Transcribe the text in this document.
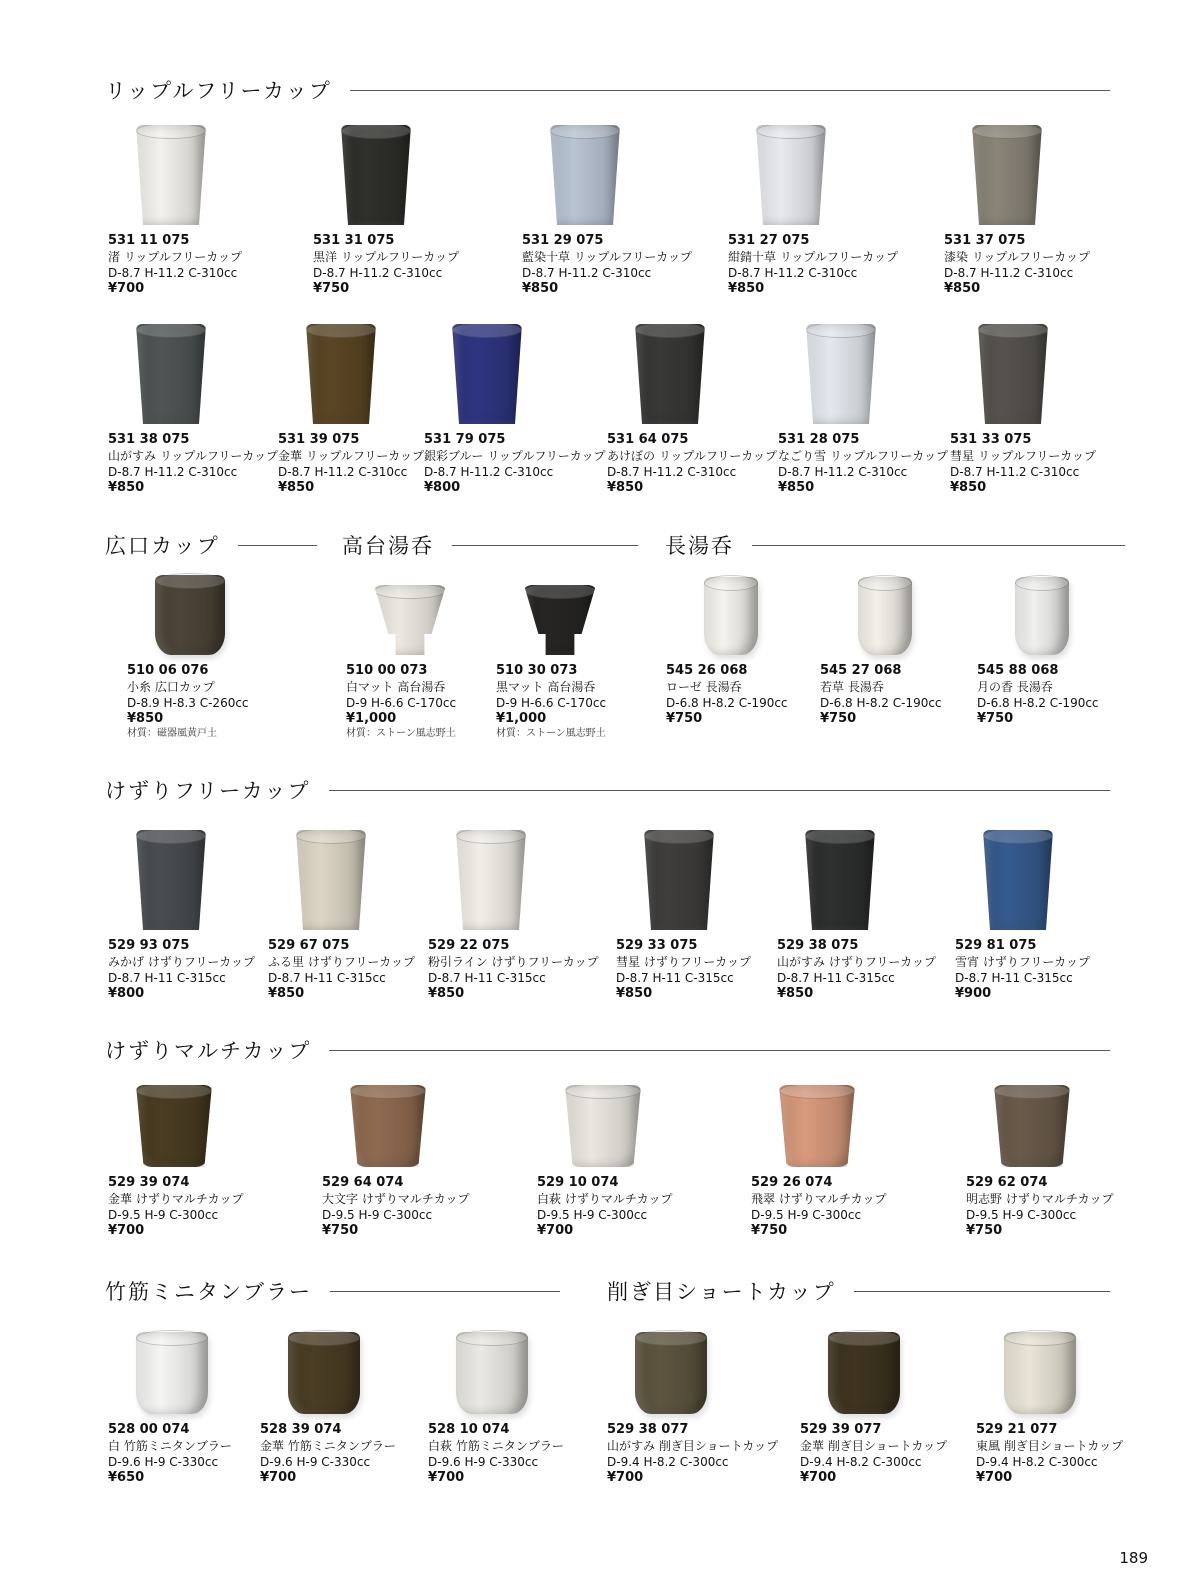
リップルフリーカップ
広口カップ	高台湯呑	長湯呑
けずりフリーカップ
けずりマルチカップ
竹筋ミニタンブラー	削ぎ目ショートカップ
531 11 075
渚 リップルフリーカップ
D-8.7 H-11.2 C-310cc
¥700
531 31 075
黒洋 リップルフリーカップ
D-8.7 H-11.2 C-310cc
¥750
531 29 075
藍染十草 リップルフリーカップ
D-8.7 H-11.2 C-310cc
¥850
531 27 075
紺錆十草 リップルフリーカップ
D-8.7 H-11.2 C-310cc
¥850
531 37 075
漆染 リップルフリーカップ
D-8.7 H-11.2 C-310cc
¥850
531 38 075
山がすみ リップルフリーカップ
D-8.7 H-11.2 C-310cc
¥850
531 39 075
金華 リップルフリーカップ
D-8.7 H-11.2 C-310cc
¥850
531 79 075
銀彩ブルー リップルフリーカップ
D-8.7 H-11.2 C-310cc
¥800
531 64 075
あけぼの リップルフリーカップ
D-8.7 H-11.2 C-310cc
¥850
531 28 075
なごり雪 リップルフリーカップ
D-8.7 H-11.2 C-310cc
¥850
531 33 075
彗星 リップルフリーカップ
D-8.7 H-11.2 C-310cc
¥850
510 06 076
小糸 広口カップ
D-8.9 H-8.3 C-260cc
¥850
材質：磁器風黄戸土
510 00 073
白マット 高台湯呑
D-9 H-6.6 C-170cc
¥1,000
材質：ストーン風志野土
510 30 073
黒マット 高台湯呑
D-9 H-6.6 C-170cc
¥1,000
材質：ストーン風志野土
545 26 068
ローゼ 長湯呑
D-6.8 H-8.2 C-190cc
¥750
545 27 068
若草 長湯呑
D-6.8 H-8.2 C-190cc
¥750
545 88 068
月の香 長湯呑
D-6.8 H-8.2 C-190cc
¥750
529 93 075
みかげ けずりフリーカップ
D-8.7 H-11 C-315cc
¥800
529 67 075
ふる里 けずりフリーカップ
D-8.7 H-11 C-315cc
¥850
529 22 075
粉引ライン けずりフリーカップ
D-8.7 H-11 C-315cc
¥850
529 33 075
彗星 けずりフリーカップ
D-8.7 H-11 C-315cc
¥850
529 38 075
山がすみ けずりフリーカップ
D-8.7 H-11 C-315cc
¥850
529 81 075
雪宵 けずりフリーカップ
D-8.7 H-11 C-315cc
¥900
529 39 074
金華 けずりマルチカップ
D-9.5 H-9 C-300cc
¥700
529 64 074
大文字 けずりマルチカップ
D-9.5 H-9 C-300cc
¥750
529 10 074
白萩 けずりマルチカップ
D-9.5 H-9 C-300cc
¥700
529 26 074
飛翠 けずりマルチカップ
D-9.5 H-9 C-300cc
¥750
529 62 074
明志野 けずりマルチカップ
D-9.5 H-9 C-300cc
¥750
528 00 074
白 竹筋ミニタンブラー
D-9.6 H-9 C-330cc
¥650
528 39 074
金華 竹筋ミニタンブラー
D-9.6 H-9 C-330cc
¥700
528 10 074
白萩 竹筋ミニタンブラー
D-9.6 H-9 C-330cc
¥700
529 38 077
山がすみ 削ぎ目ショートカップ
D-9.4 H-8.2 C-300cc
¥700
529 39 077
金華 削ぎ目ショートカップ
D-9.4 H-8.2 C-300cc
¥700
529 21 077
東風 削ぎ目ショートカップ
D-9.4 H-8.2 C-300cc
¥700
189
